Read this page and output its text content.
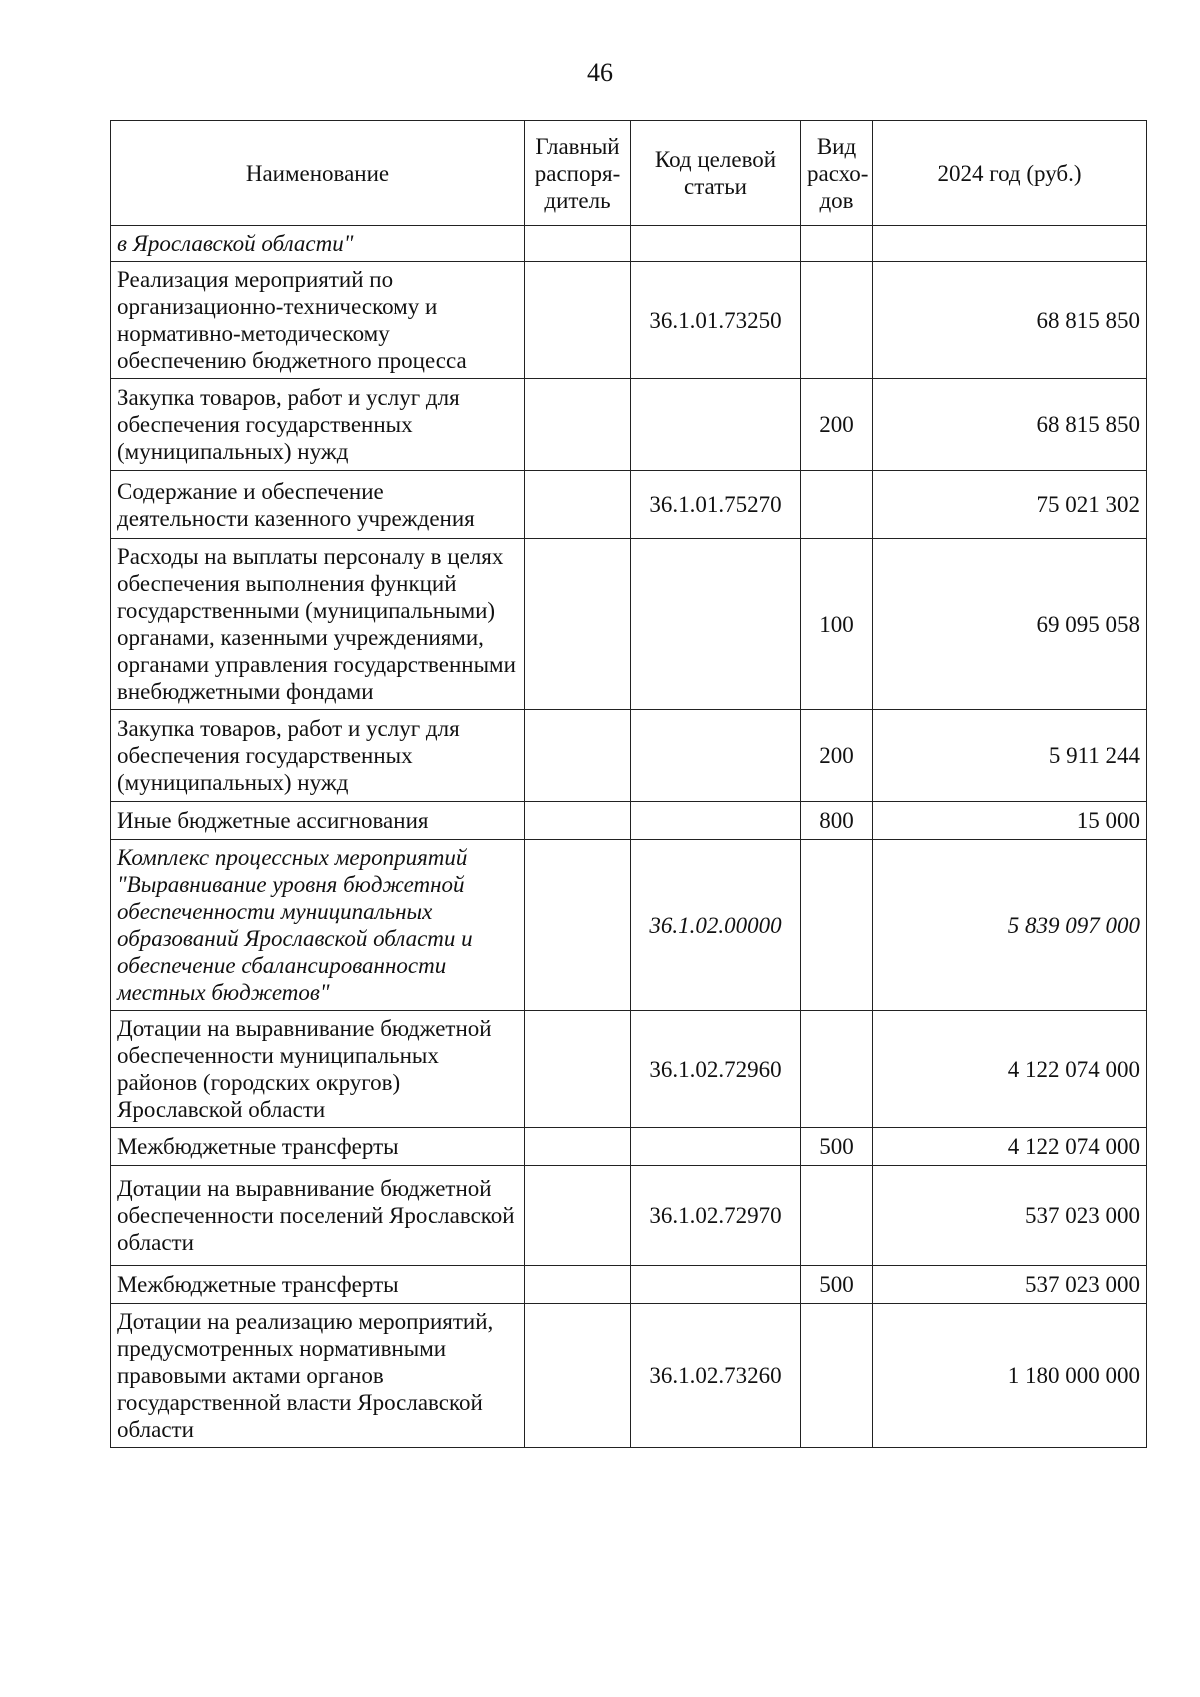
46
Наименование	Главный распоря-дитель	Код целевой статьи	Вид расхо-дов	2024 год (руб.)
в Ярославской области"				
Реализация мероприятий по организационно-техническому и нормативно-методическому обеспечению бюджетного процесса		36.1.01.73250		68 815 850
Закупка товаров, работ и услуг для обеспечения государственных (муниципальных) нужд			200	68 815 850
Содержание и обеспечение деятельности казенного учреждения		36.1.01.75270		75 021 302
Расходы на выплаты персоналу в целях обеспечения выполнения функций государственными (муниципальными) органами, казенными учреждениями, органами управления государственными внебюджетными фондами			100	69 095 058
Закупка товаров, работ и услуг для обеспечения государственных (муниципальных) нужд			200	5 911 244
Иные бюджетные ассигнования			800	15 000
Комплекс процессных мероприятий "Выравнивание уровня бюджетной обеспеченности муниципальных образований Ярославской области и обеспечение сбалансированности местных бюджетов"		36.1.02.00000		5 839 097 000
Дотации на выравнивание бюджетной обеспеченности муниципальных районов (городских округов) Ярославской области		36.1.02.72960		4 122 074 000
Межбюджетные трансферты			500	4 122 074 000
Дотации на выравнивание бюджетной обеспеченности поселений Ярославской области		36.1.02.72970		537 023 000
Межбюджетные трансферты			500	537 023 000
Дотации на реализацию мероприятий, предусмотренных нормативными правовыми актами органов государственной власти Ярославской области		36.1.02.73260		1 180 000 000
